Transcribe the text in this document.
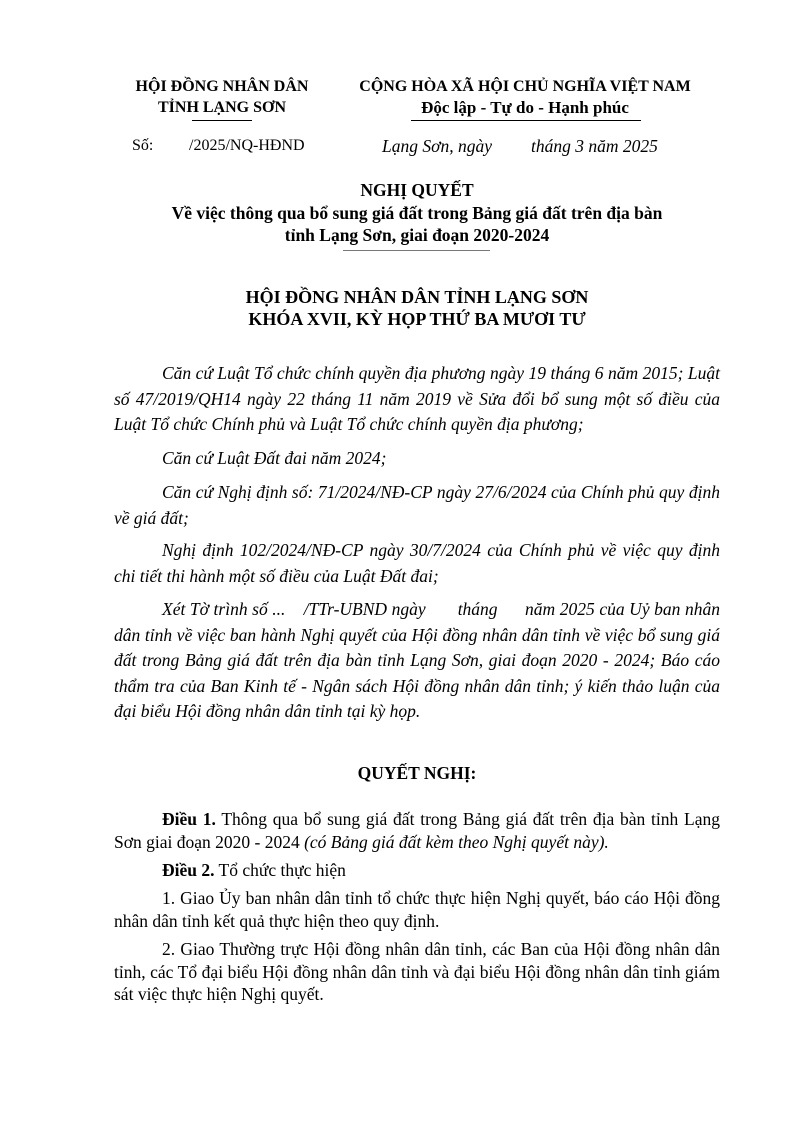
HỘI ĐỒNG NHÂN DÂN
TỈNH LẠNG SƠN
CỘNG HÒA XÃ HỘI CHỦ NGHĨA VIỆT NAM
Độc lập - Tự do - Hạnh phúc
Số: /2025/NQ-HĐND	Lạng Sơn, ngày tháng 3 năm 2025
NGHỊ QUYẾT
Về việc thông qua bổ sung giá đất trong Bảng giá đất trên địa bàn
tỉnh Lạng Sơn, giai đoạn 2020-2024
HỘI ĐỒNG NHÂN DÂN TỈNH LẠNG SƠN
KHÓA XVII, KỲ HỌP THỨ BA MƯƠI TƯ
Căn cứ Luật Tổ chức chính quyền địa phương ngày 19 tháng 6 năm 2015; Luật số 47/2019/QH14 ngày 22 tháng 11 năm 2019 về Sửa đổi bổ sung một số điều của Luật Tổ chức Chính phủ và Luật Tổ chức chính quyền địa phương;
Căn cứ Luật Đất đai năm 2024;
Căn cứ Nghị định số: 71/2024/NĐ-CP ngày 27/6/2024 của Chính phủ quy định về giá đất;
Nghị định 102/2024/NĐ-CP ngày 30/7/2024 của Chính phủ về việc quy định chi tiết thi hành một số điều của Luật Đất đai;
Xét Tờ trình số ...    /TTr-UBND ngày       tháng      năm 2025 của Uỷ ban nhân dân tỉnh về việc ban hành Nghị quyết của Hội đồng nhân dân tỉnh về việc bổ sung giá đất trong Bảng giá đất trên địa bàn tỉnh Lạng Sơn, giai đoạn 2020 - 2024; Báo cáo thẩm tra của Ban Kinh tế - Ngân sách Hội đồng nhân dân tỉnh; ý kiến thảo luận của đại biểu Hội đồng nhân dân tỉnh tại kỳ họp.
QUYẾT NGHỊ:
Điều 1. Thông qua bổ sung giá đất trong Bảng giá đất trên địa bàn tỉnh Lạng Sơn giai đoạn 2020 - 2024 (có Bảng giá đất kèm theo Nghị quyết này).
Điều 2. Tổ chức thực hiện
1. Giao Ủy ban nhân dân tỉnh tổ chức thực hiện Nghị quyết, báo cáo Hội đồng nhân dân tỉnh kết quả thực hiện theo quy định.
2. Giao Thường trực Hội đồng nhân dân tỉnh, các Ban của Hội đồng nhân dân tỉnh, các Tổ đại biểu Hội đồng nhân dân tỉnh và đại biểu Hội đồng nhân dân tỉnh giám sát việc thực hiện Nghị quyết.
